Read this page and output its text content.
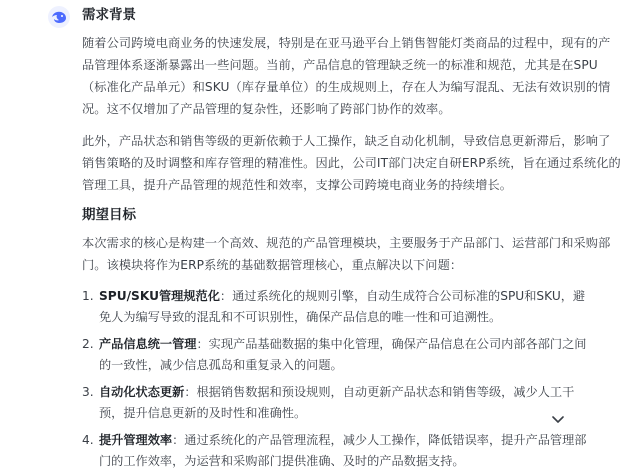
需求背景

随着公司跨境电商业务的快速发展，特别是在亚马逊平台上销售智能灯类商品的过程中，现有的产品管理体系逐渐暴露出一些问题。当前，产品信息的管理缺乏统一的标准和规范，尤其是在SPU（标准化产品单元）和SKU（库存量单位）的生成规则上，存在人为编写混乱、无法有效识别的情况。这不仅增加了产品管理的复杂性，还影响了跨部门协作的效率。

此外，产品状态和销售等级的更新依赖于人工操作，缺乏自动化机制，导致信息更新滞后，影响了销售策略的及时调整和库存管理的精准性。因此，公司IT部门决定自研ERP系统，旨在通过系统化的管理工具，提升产品管理的规范性和效率，支撑公司跨境电商业务的持续增长。

期望目标

本次需求的核心是构建一个高效、规范的产品管理模块，主要服务于产品部门、运营部门和采购部门。该模块将作为ERP系统的基础数据管理核心，重点解决以下问题：

1. SPU/SKU管理规范化：通过系统化的规则引擎，自动生成符合公司标准的SPU和SKU，避免人为编写导致的混乱和不可识别性，确保产品信息的唯一性和可追溯性。
2. 产品信息统一管理：实现产品基础数据的集中化管理，确保产品信息在公司内部各部门之间的一致性，减少信息孤岛和重复录入的问题。
3. 自动化状态更新：根据销售数据和预设规则，自动更新产品状态和销售等级，减少人工干预，提升信息更新的及时性和准确性。
4. 提升管理效率：通过系统化的产品管理流程，减少人工操作，降低错误率，提升产品管理部门的工作效率，为运营和采购部门提供准确、及时的产品数据支持。
